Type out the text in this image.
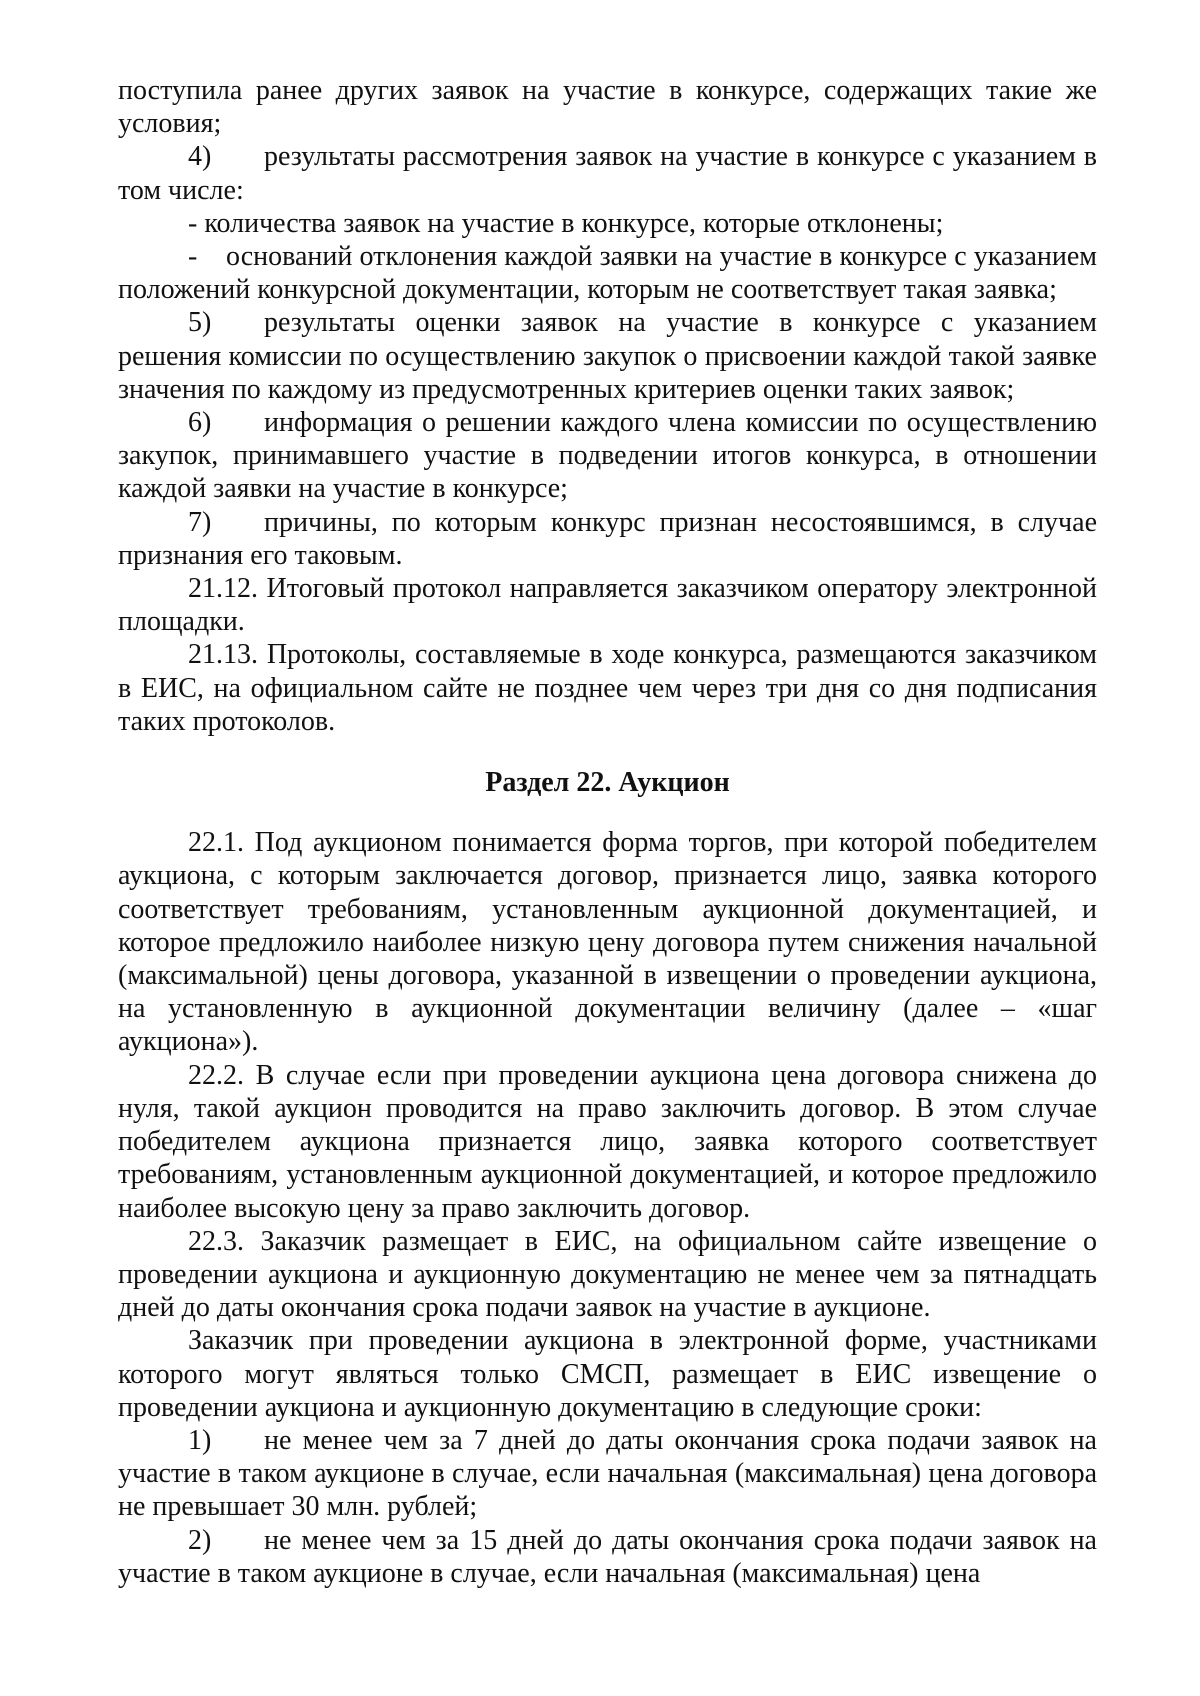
поступила ранее других заявок на участие в конкурсе, содержащих такие же условия;

4) результаты рассмотрения заявок на участие в конкурсе с указанием в том числе:

- количества заявок на участие в конкурсе, которые отклонены;

- оснований отклонения каждой заявки на участие в конкурсе с указанием положений конкурсной документации, которым не соответствует такая заявка;

5) результаты оценки заявок на участие в конкурсе с указанием решения комиссии по осуществлению закупок о присвоении каждой такой заявке значения по каждому из предусмотренных критериев оценки таких заявок;

6) информация о решении каждого члена комиссии по осуществлению закупок, принимавшего участие в подведении итогов конкурса, в отношении каждой заявки на участие в конкурсе;

7) причины, по которым конкурс признан несостоявшимся, в случае признания его таковым.

21.12. Итоговый протокол направляется заказчиком оператору электронной площадки.

21.13. Протоколы, составляемые в ходе конкурса, размещаются заказчиком в ЕИС, на официальном сайте не позднее чем через три дня со дня подписания таких протоколов.

Раздел 22. Аукцион

22.1. Под аукционом понимается форма торгов, при которой победителем аукциона, с которым заключается договор, признается лицо, заявка которого соответствует требованиям, установленным аукционной документацией, и которое предложило наиболее низкую цену договора путем снижения начальной (максимальной) цены договора, указанной в извещении о проведении аукциона, на установленную в аукционной документации величину (далее – «шаг аукциона»).

22.2. В случае если при проведении аукциона цена договора снижена до нуля, такой аукцион проводится на право заключить договор. В этом случае победителем аукциона признается лицо, заявка которого соответствует требованиям, установленным аукционной документацией, и которое предложило наиболее высокую цену за право заключить договор.

22.3. Заказчик размещает в ЕИС, на официальном сайте извещение о проведении аукциона и аукционную документацию не менее чем за пятнадцать дней до даты окончания срока подачи заявок на участие в аукционе.

Заказчик при проведении аукциона в электронной форме, участниками которого могут являться только СМСП, размещает в ЕИС извещение о проведении аукциона и аукционную документацию в следующие сроки:

1) не менее чем за 7 дней до даты окончания срока подачи заявок на участие в таком аукционе в случае, если начальная (максимальная) цена договора не превышает 30 млн. рублей;

2) не менее чем за 15 дней до даты окончания срока подачи заявок на участие в таком аукционе в случае, если начальная (максимальная) цена
